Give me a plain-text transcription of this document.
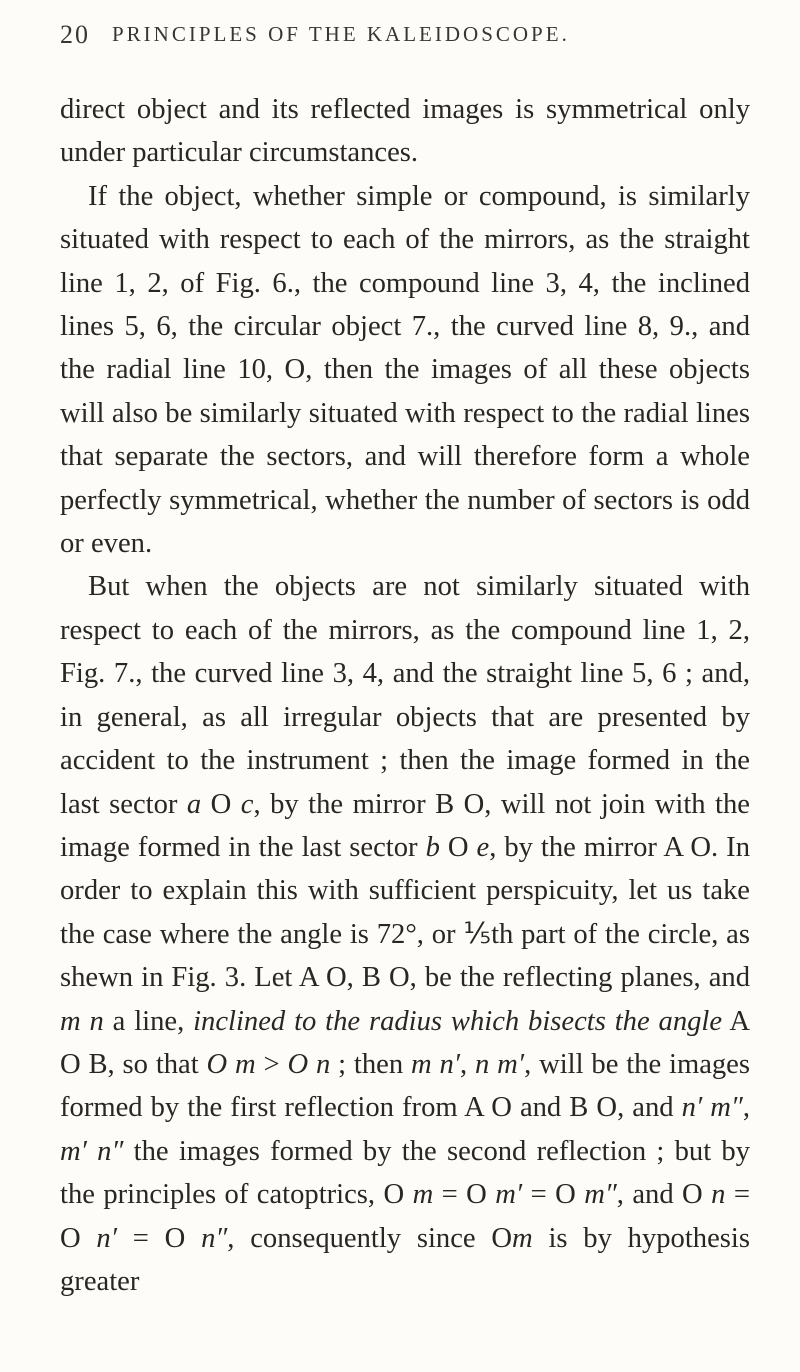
20 PRINCIPLES OF THE KALEIDOSCOPE.

direct object and its reflected images is symmetrical only under particular circumstances.

If the object, whether simple or compound, is similarly situated with respect to each of the mirrors, as the straight line 1, 2, of Fig. 6., the compound line 3, 4, the inclined lines 5, 6, the circular object 7., the curved line 8, 9., and the radial line 10, O, then the images of all these objects will also be similarly situated with respect to the radial lines that separate the sectors, and will therefore form a whole perfectly symmetrical, whether the number of sectors is odd or even.

But when the objects are not similarly situated with respect to each of the mirrors, as the compound line 1, 2, Fig. 7., the curved line 3, 4, and the straight line 5, 6 ; and, in general, as all irregular objects that are presented by accident to the instrument ; then the image formed in the last sector a O c, by the mirror B O, will not join with the image formed in the last sector b O e, by the mirror A O. In order to explain this with sufficient perspicuity, let us take the case where the angle is 72°, or ⅕th part of the circle, as shewn in Fig. 3. Let A O, B O, be the reflecting planes, and m n a line, inclined to the radius which bisects the angle A O B, so that O m > O n ; then m n′, n m′, will be the images formed by the first reflection from A O and B O, and n′ m″, m′ n″ the images formed by the second reflection ; but by the principles of catoptrics, O m = O m′ = O m″, and O n = O n′ = O n″, consequently since Om is by hypothesis greater
